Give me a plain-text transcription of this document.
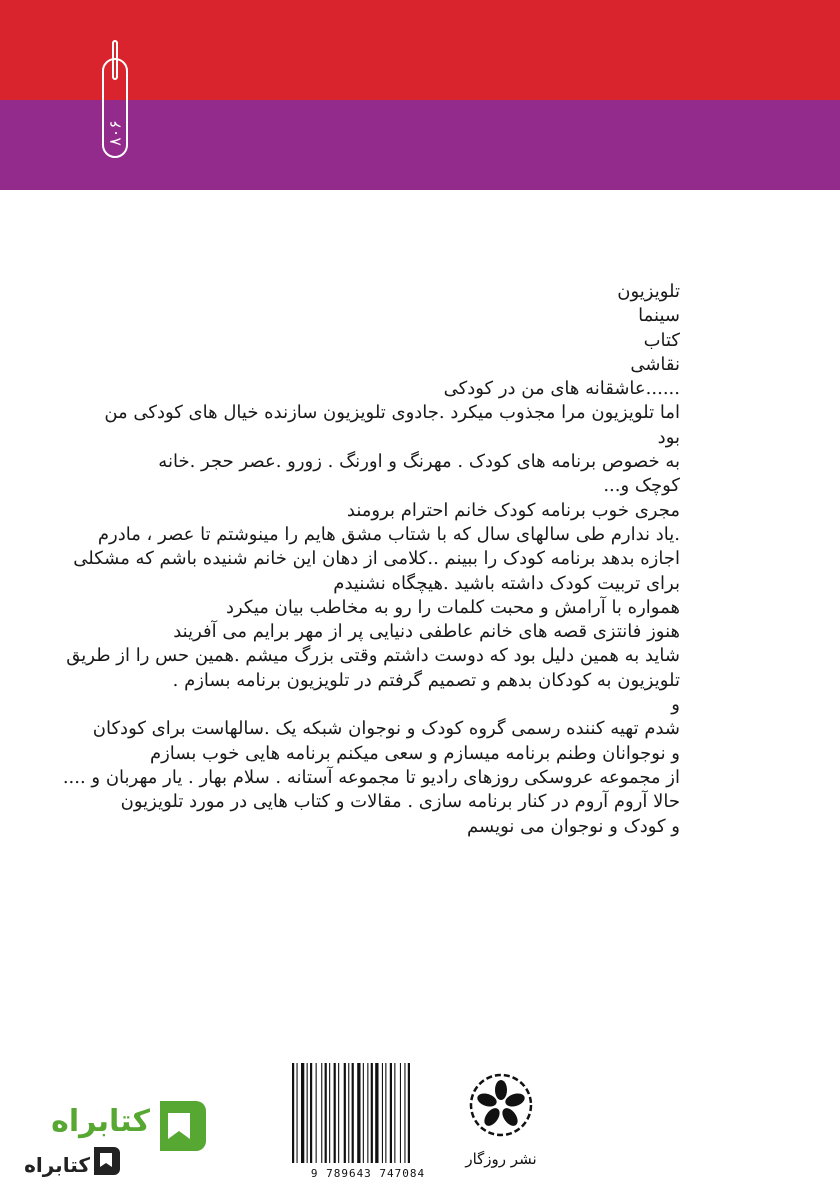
۸۰۶
تلویزیون
سینما
کتاب
نقاشی
......عاشقانه های من در کودکی
اما تلویزیون مرا مجذوب میکرد .جادوی تلویزیون سازنده خیال های کودکی من
بود
به خصوص برنامه های کودک . مهرنگ و اورنگ . زورو .عصر حجر .خانه
کوچک و...
مجری خوب برنامه کودک خانم احترام برومند
.یاد ندارم طی سالهای سال که با شتاب مشق هایم را مینوشتم تا عصر ، مادرم
اجازه بدهد برنامه کودک را ببینم ..کلامی از دهان این خانم شنیده باشم که مشکلی
برای تربیت کودک داشته باشید .هیچگاه نشنیدم
همواره با آرامش و محبت کلمات را رو به مخاطب بیان میکرد
هنوز فانتزی قصه های خانم عاطفی دنیایی پر از مهر برایم می آفریند
شاید به همین دلیل بود که دوست داشتم وقتی بزرگ میشم .همین حس را از طریق
تلویزیون به کودکان بدهم و تصمیم گرفتم در تلویزیون برنامه بسازم .
و
شدم تهیه کننده رسمی گروه کودک و نوجوان شبکه یک .سالهاست برای کودکان
و نوجوانان وطنم برنامه میسازم و سعی میکنم برنامه هایی خوب بسازم
از مجموعه عروسکی روزهای رادیو تا مجموعه آستانه . سلام بهار . یار مهربان و ....
حالا آروم آروم در کنار برنامه سازی . مقالات و کتاب هایی در مورد تلویزیون
و کودک و نوجوان می نویسم
9 789643 747084
نشر روزگار
کتابراه
کتابراه
